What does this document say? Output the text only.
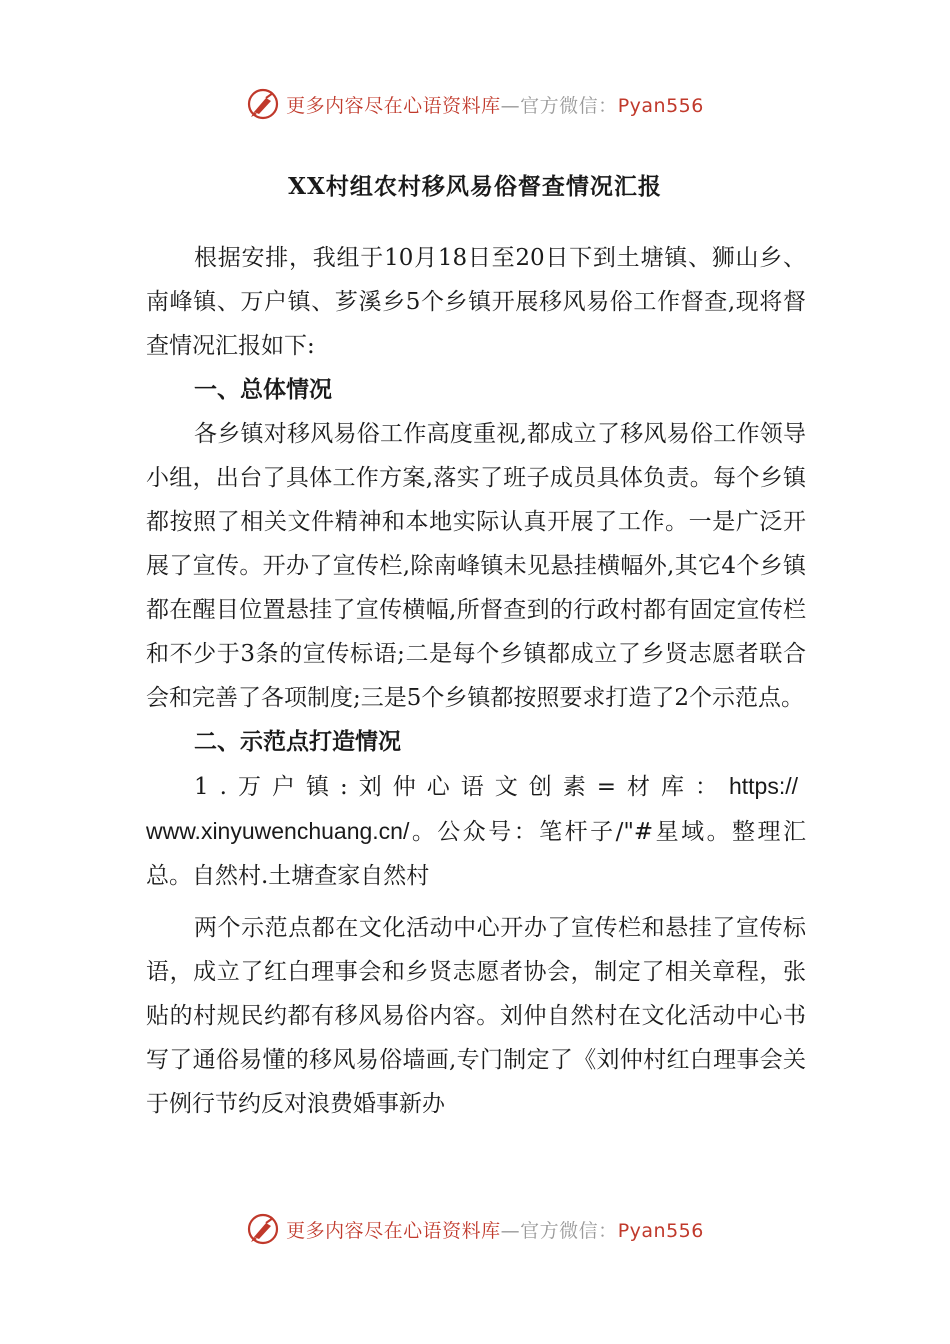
更多内容尽在心语资料库—官方微信：Pyan556
XX村组农村移风易俗督查情况汇报

根据安排，我组于10月18日至20日下到土塘镇、狮山乡、南峰镇、万户镇、芗溪乡5个乡镇开展移风易俗工作督查,现将督查情况汇报如下:

一、总体情况

各乡镇对移风易俗工作高度重视,都成立了移风易俗工作领导小组，出台了具体工作方案,落实了班子成员具体负责。每个乡镇都按照了相关文件精神和本地实际认真开展了工作。一是广泛开展了宣传。开办了宣传栏,除南峰镇未见悬挂横幅外,其它4个乡镇都在醒目位置悬挂了宣传横幅,所督查到的行政村都有固定宣传栏和不少于3条的宣传标语;二是每个乡镇都成立了乡贤志愿者联合会和完善了各项制度;三是5个乡镇都按照要求打造了2个示范点。

二、示范点打造情况

1.万户镇:刘仲心语文创素=材库：https://
www.xinyuwenchuang.cn/。公众号：笔杆子/"#星域。整理汇总。自然村.土塘查家自然村

两个示范点都在文化活动中心开办了宣传栏和悬挂了宣传标语，成立了红白理事会和乡贤志愿者协会，制定了相关章程，张贴的村规民约都有移风易俗内容。刘仲自然村在文化活动中心书写了通俗易懂的移风易俗墙画,专门制定了《刘仲村红白理事会关于例行节约反对浪费婚事新办

更多内容尽在心语资料库—官方微信：Pyan556
